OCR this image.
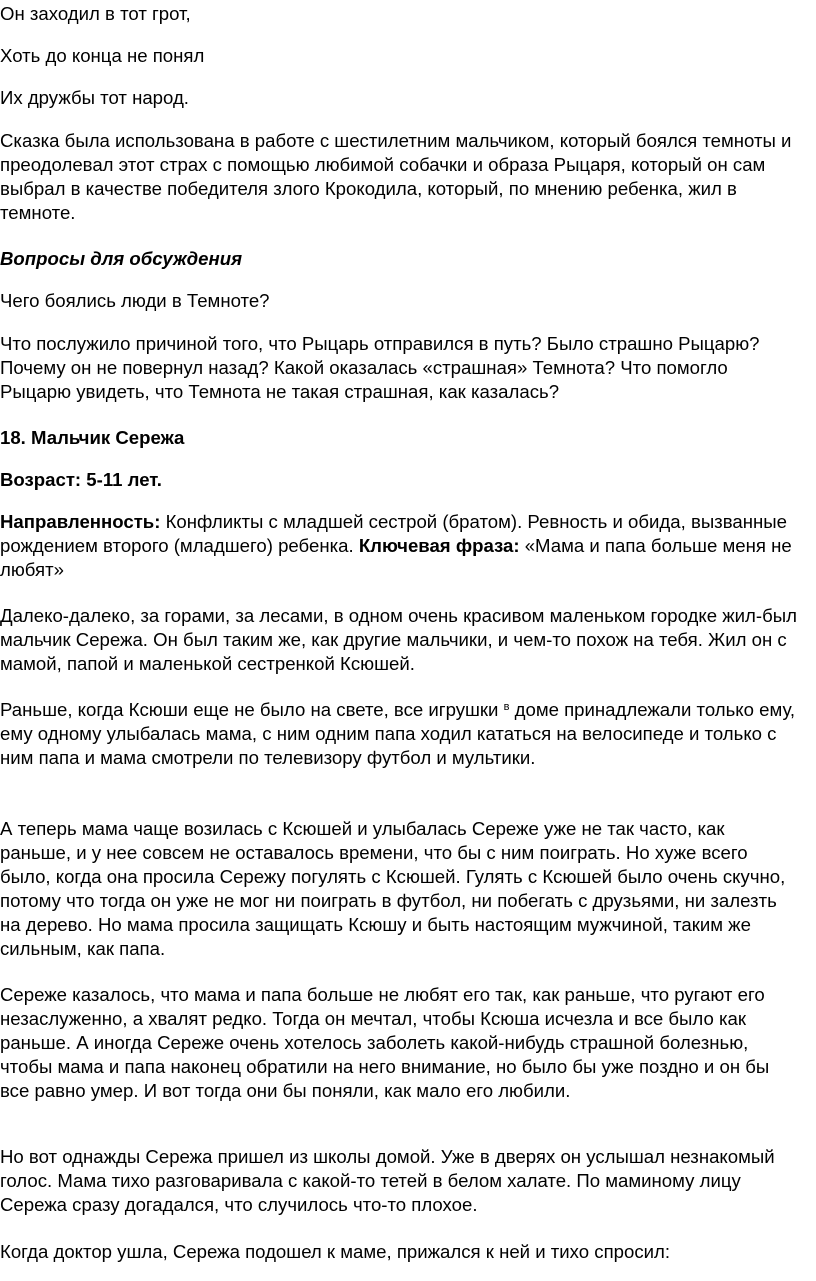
Он заходил в тот грот,

Хоть до конца не понял

Их дружбы тот народ.

Сказка была использована в работе с шестилетним мальчиком, который боялся темноты и преодолевал этот страх с помощью любимой собачки и образа Рыцаря, который он сам выбрал в качестве победителя злого Крокодила, который, по мнению ребенка, жил в темноте.

Вопросы для обсуждения

Чего боялись люди в Темноте?

Что послужило причиной того, что Рыцарь отправился в путь? Было страшно Рыцарю? Почему он не повернул назад? Какой оказалась «страшная» Темнота? Что помогло Рыцарю увидеть, что Темнота не такая страшная, как казалась?

18. Мальчик Сережа

Возраст: 5-11 лет.

Направленность: Конфликты с младшей сестрой (братом). Ревность и обида, вызванные рождением второго (младшего) ребенка. Ключевая фраза: «Мама и папа больше меня не любят»

Далеко-далеко, за горами, за лесами, в одном очень красивом маленьком городке жил-был мальчик Сережа. Он был таким же, как другие мальчики, и чем-то похож на тебя. Жил он с мамой, папой и маленькой сестренкой Ксюшей.

Раньше, когда Ксюши еще не было на свете, все игрушки $^в$ доме принадлежали только ему, ему одному улыбалась мама, с ним одним папа ходил кататься на велосипеде и только с ним папа и мама смотрели по телевизору футбол и мультики.

А теперь мама чаще возилась с Ксюшей и улыбалась Сереже уже не так часто, как раньше, и у нее совсем не оставалось времени, что бы с ним поиграть. Но хуже всего было, когда она просила Сережу погулять с Ксюшей. Гулять с Ксюшей было очень скучно, потому что тогда он уже не мог ни поиграть в футбол, ни побегать с друзьями, ни залезть на дерево. Но мама просила защищать Ксюшу и быть настоящим мужчиной, таким же сильным, как папа.

Сереже казалось, что мама и папа больше не любят его так, как раньше, что ругают его незаслуженно, а хвалят редко. Тогда он мечтал, чтобы Ксюша исчезла и все было как раньше. А иногда Сереже очень хотелось заболеть какой-нибудь страшной болезнью, чтобы мама и папа наконец обратили на него внимание, но было бы уже поздно и он бы все равно умер. И вот тогда они бы поняли, как мало его любили.

Но вот однажды Сережа пришел из школы домой. Уже в дверях он услышал незнакомый голос. Мама тихо разговаривала с какой-то тетей в белом халате. По маминому лицу Сережа сразу догадался, что случилось что-то плохое.

Когда доктор ушла, Сережа подошел к маме, прижался к ней и тихо спросил:
